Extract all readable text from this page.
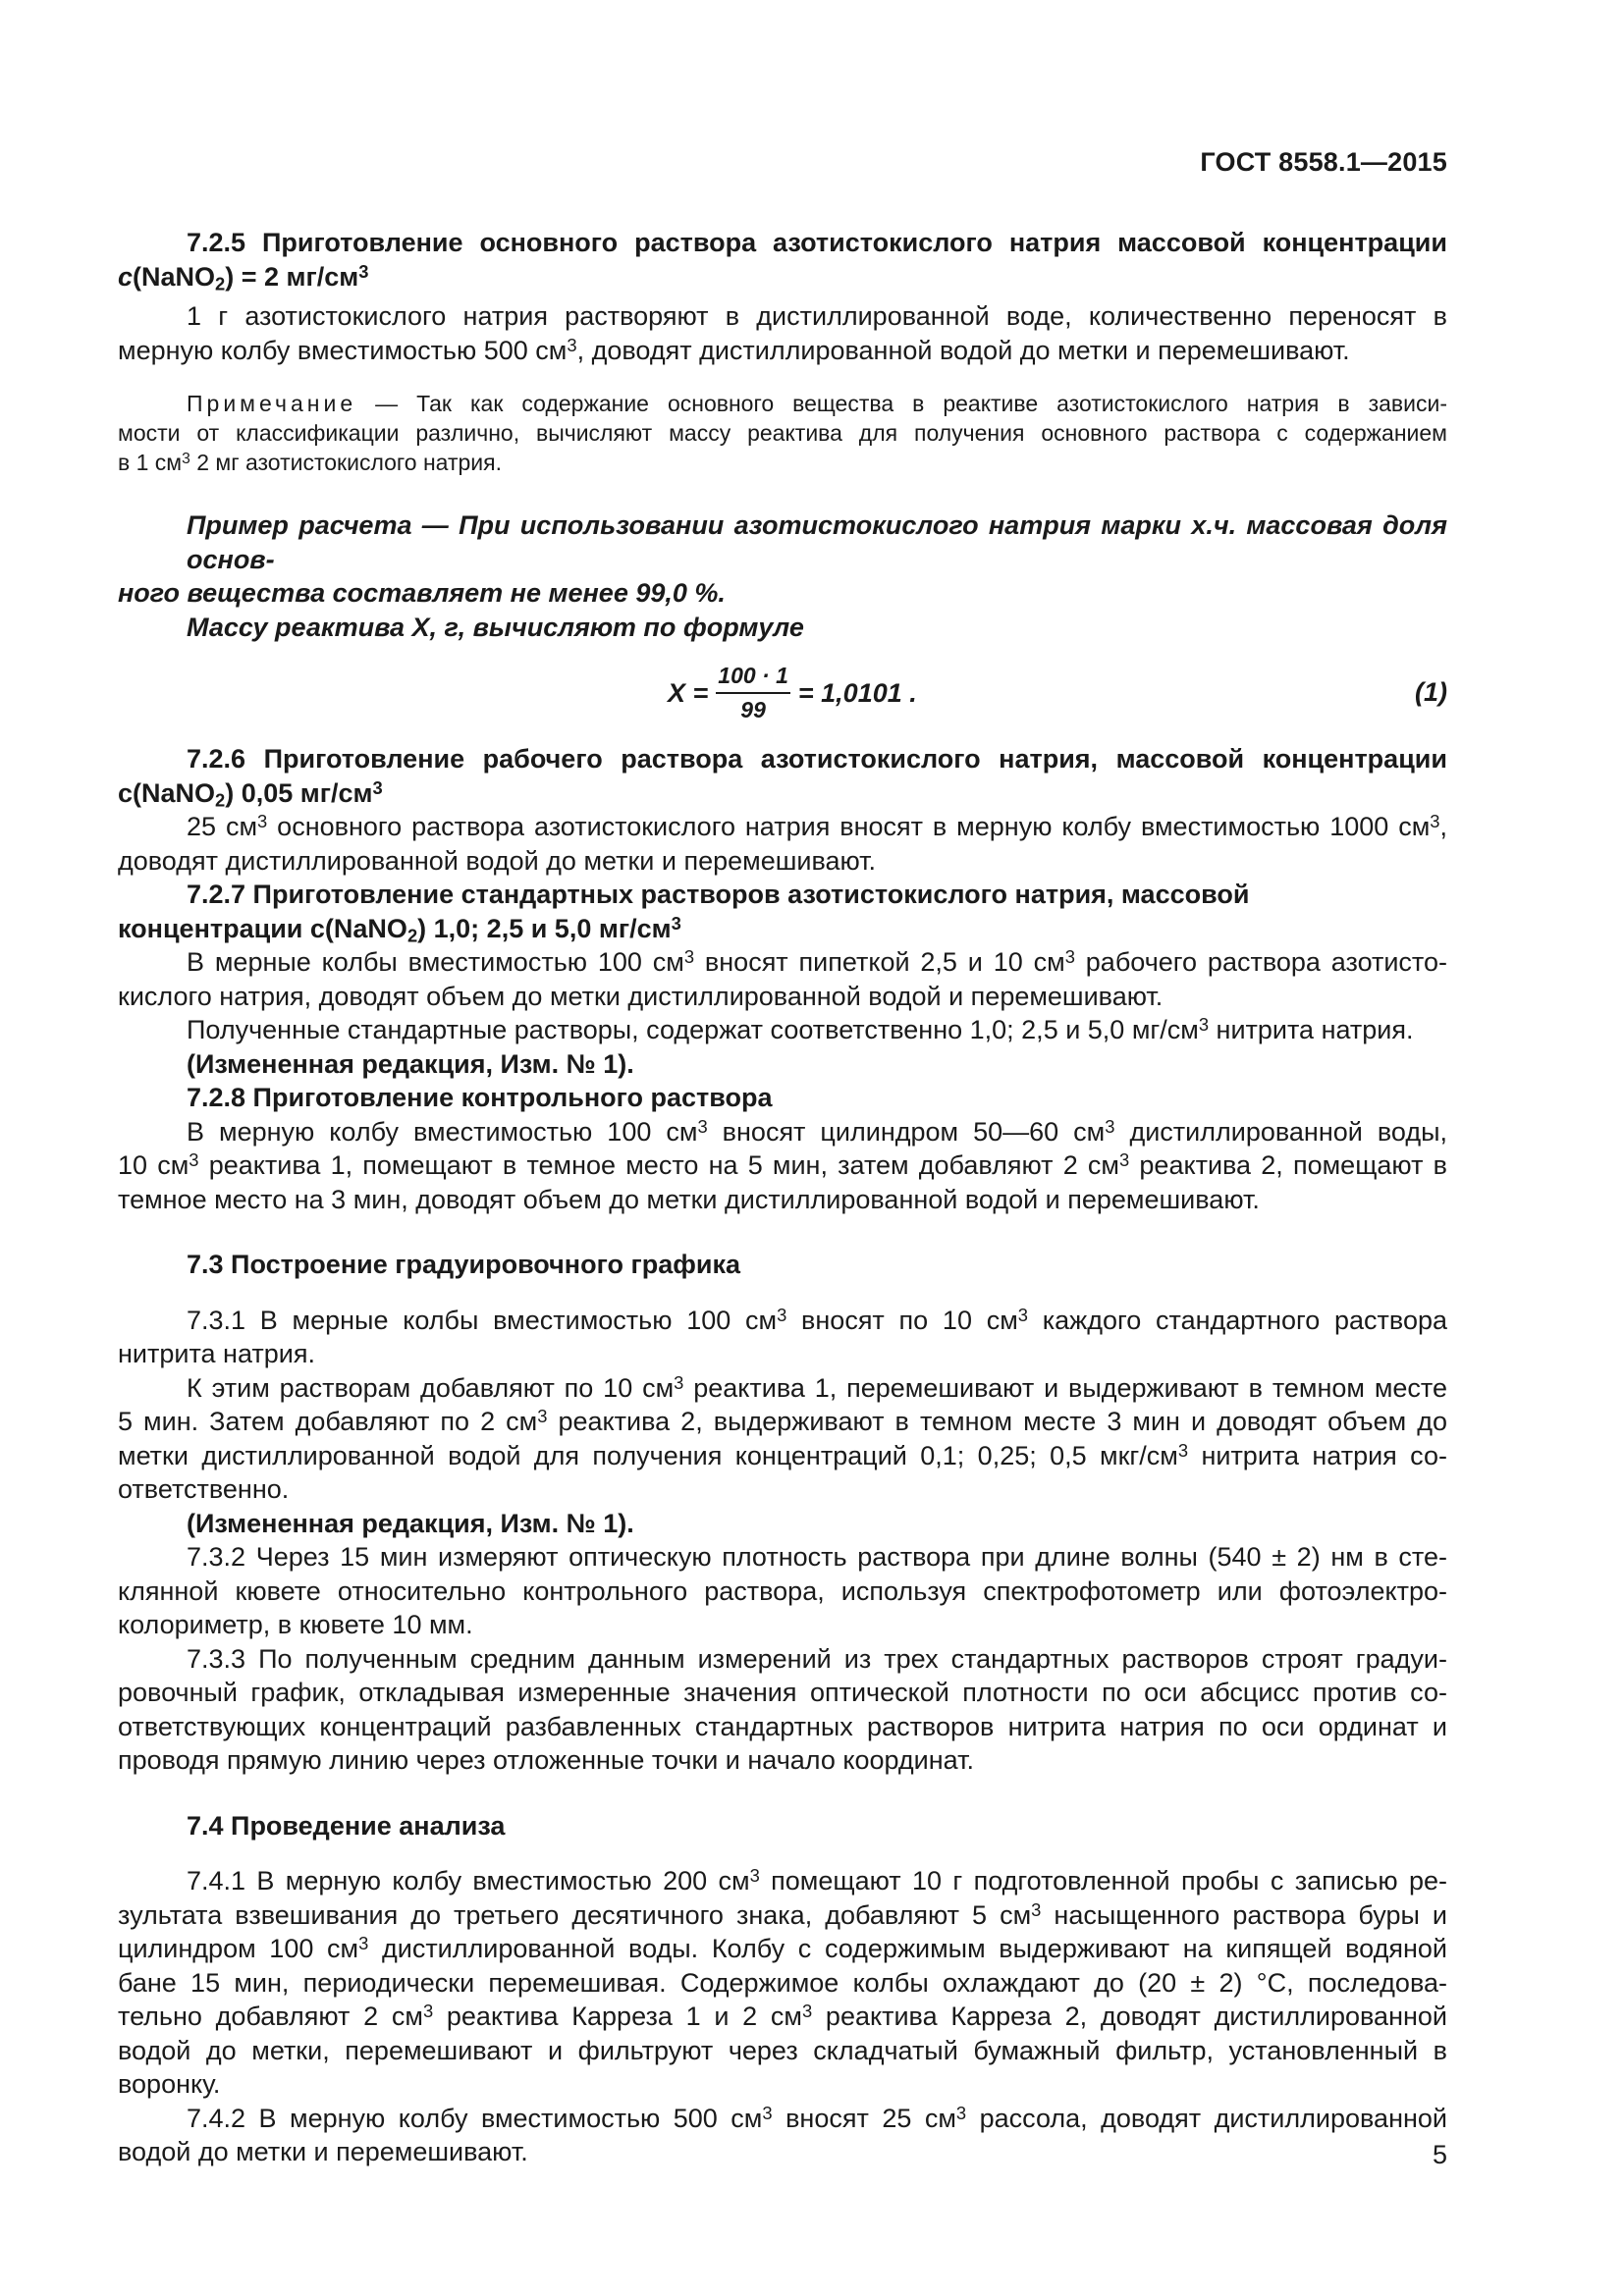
ГОСТ 8558.1—2015
7.2.5 Приготовление основного раствора азотистокислого натрия массовой концентрации
c(NaNO$_2$) = 2 $мг/см^3$
1 г азотистокислого натрия растворяют в дистиллированной воде, количественно переносят в
мерную колбу вместимостью 500 $см^3$, доводят дистиллированной водой до метки и перемешивают.
Примечание — Так как содержание основного вещества в реактиве азотистокислого натрия в зависи-
мости от классификации различно, вычисляют массу реактива для получения основного раствора с содержанием
в 1 $см^3$ 2 мг азотистокислого натрия.
Пример расчета — При использовании азотистокислого натрия марки х.ч. массовая доля основ-
ного вещества составляет не менее 99,0 %.
Массу реактива X, г, вычисляют по формуле
$X = \frac{100 \cdot 1}{99} = 1,0101$ .	(1)
7.2.6 Приготовление рабочего раствора азотистокислого натрия, массовой концентрации
c(NaNO$_2$) 0,05 $мг/см^3$
25 $см^3$ основного раствора азотистокислого натрия вносят в мерную колбу вместимостью 1000 $см^3$,
доводят дистиллированной водой до метки и перемешивают.
7.2.7 Приготовление стандартных растворов азотистокислого натрия, массовой
концентрации c(NaNO$_2$) 1,0; 2,5 и 5,0 $мг/см^3$
В мерные колбы вместимостью 100 $см^3$ вносят пипеткой 2,5 и 10 $см^3$ рабочего раствора азотисто-
кислого натрия, доводят объем до метки дистиллированной водой и перемешивают.
Полученные стандартные растворы, содержат соответственно 1,0; 2,5 и 5,0 $мг/см^3$ нитрита натрия.
(Измененная редакция, Изм. № 1).
7.2.8 Приготовление контрольного раствора
В мерную колбу вместимостью 100 $см^3$ вносят цилиндром 50—60 $см^3$ дистиллированной воды,
10 $см^3$ реактива 1, помещают в темное место на 5 мин, затем добавляют 2 $см^3$ реактива 2, помещают в
темное место на 3 мин, доводят объем до метки дистиллированной водой и перемешивают.
7.3 Построение градуировочного графика
7.3.1 В мерные колбы вместимостью 100 $см^3$ вносят по 10 $см^3$ каждого стандартного раствора
нитрита натрия.
К этим растворам добавляют по 10 $см^3$ реактива 1, перемешивают и выдерживают в темном месте
5 мин. Затем добавляют по 2 $см^3$ реактива 2, выдерживают в темном месте 3 мин и доводят объем до
метки дистиллированной водой для получения концентраций 0,1; 0,25; 0,5 мкг/$см^3$ нитрита натрия со-
ответственно.
(Измененная редакция, Изм. № 1).
7.3.2 Через 15 мин измеряют оптическую плотность раствора при длине волны (540 ± 2) нм в сте-
клянной кювете относительно контрольного раствора, используя спектрофотометр или фотоэлектро-
колориметр, в кювете 10 мм.
7.3.3 По полученным средним данным измерений из трех стандартных растворов строят градуи-
ровочный график, откладывая измеренные значения оптической плотности по оси абсцисс против со-
ответствующих концентраций разбавленных стандартных растворов нитрита натрия по оси ординат и
проводя прямую линию через отложенные точки и начало координат.
7.4 Проведение анализа
7.4.1 В мерную колбу вместимостью 200 $см^3$ помещают 10 г подготовленной пробы с записью ре-
зультата взвешивания до третьего десятичного знака, добавляют 5 $см^3$ насыщенного раствора буры и
цилиндром 100 $см^3$ дистиллированной воды. Колбу с содержимым выдерживают на кипящей водяной
бане 15 мин, периодически перемешивая. Содержимое колбы охлаждают до (20 ± 2) °С, последова-
тельно добавляют 2 $см^3$ реактива Карреза 1 и 2 $см^3$ реактива Карреза 2, доводят дистиллированной
водой до метки, перемешивают и фильтруют через складчатый бумажный фильтр, установленный в
воронку.
7.4.2 В мерную колбу вместимостью 500 $см^3$ вносят 25 $см^3$ рассола, доводят дистиллированной
водой до метки и перемешивают.	5
